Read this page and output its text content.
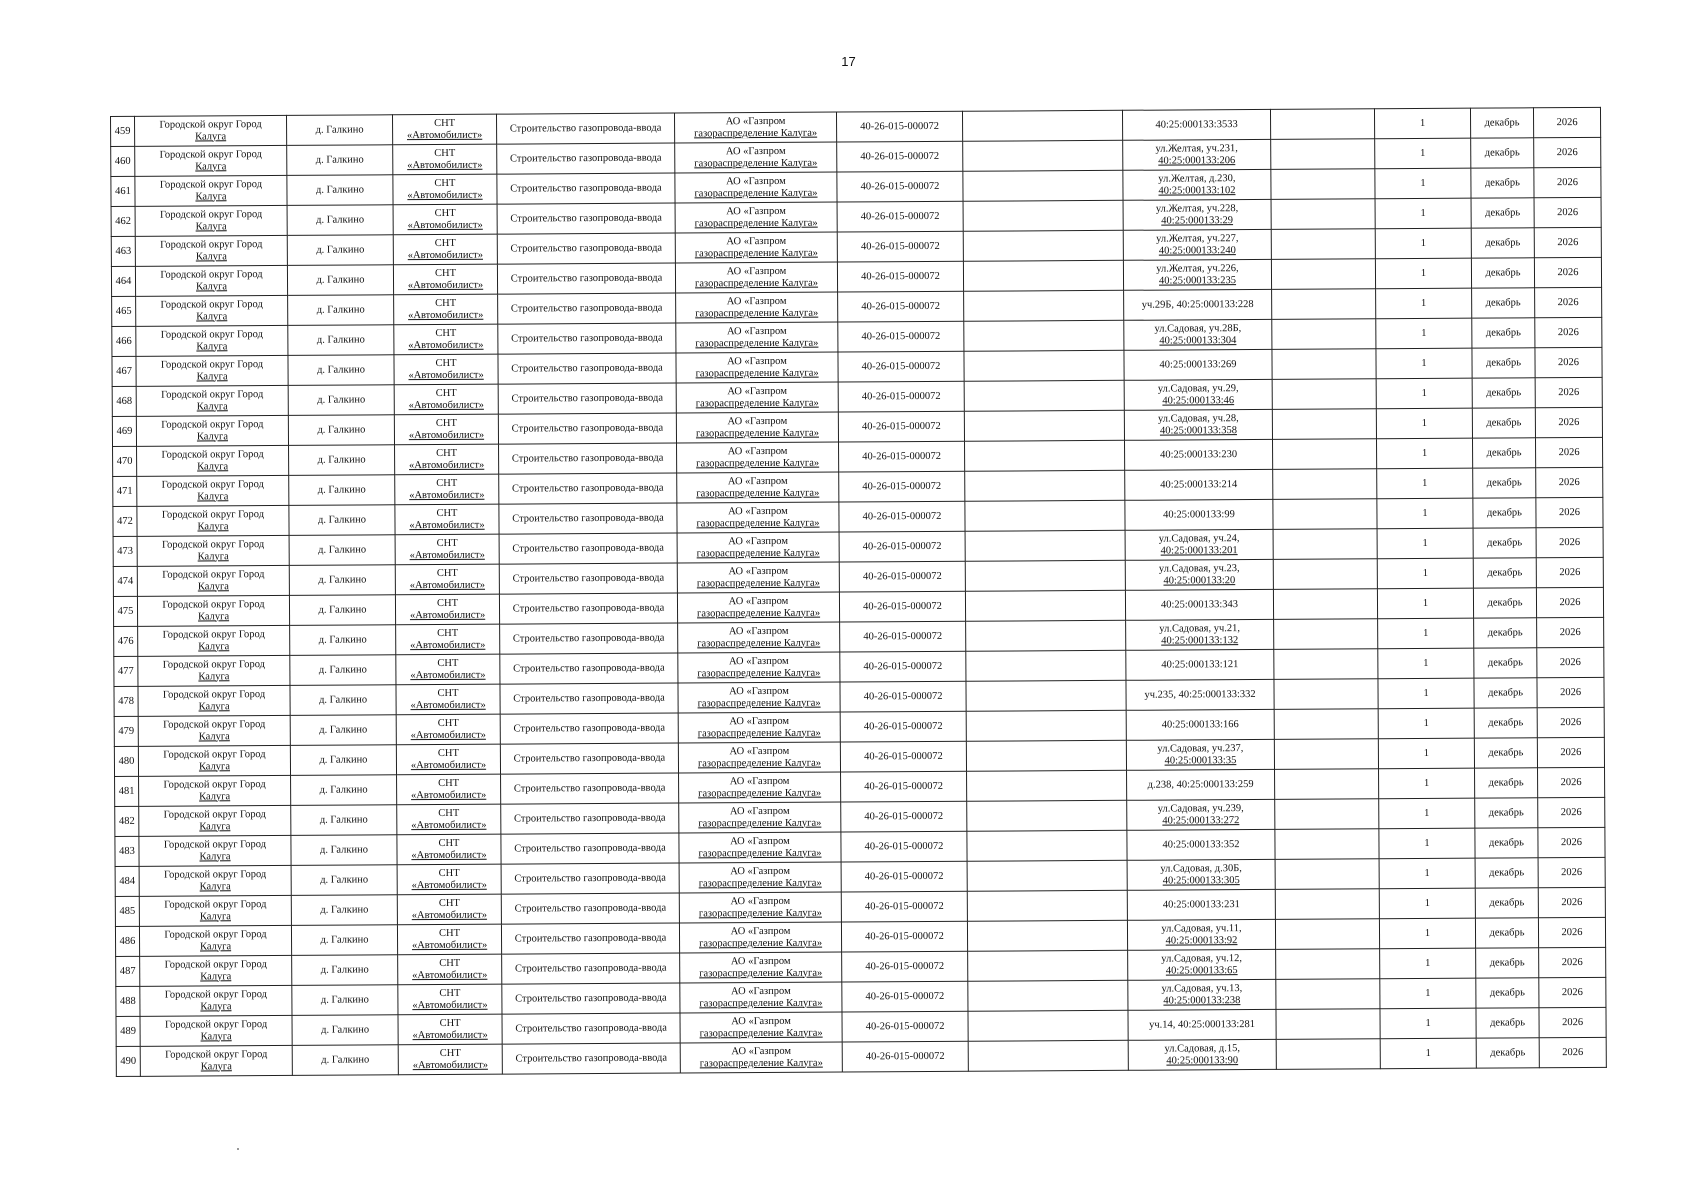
17
459	Городской округ Город
Калуга	д. Галкино	СНТ
«Автомобилист»	Строительство газопровода-ввода	АО «Газпром
газораспределение Калуга»	40-26-015-000072		40:25:000133:3533		1	декабрь	2026
460	Городской округ Город
Калуга	д. Галкино	СНТ
«Автомобилист»	Строительство газопровода-ввода	АО «Газпром
газораспределение Калуга»	40-26-015-000072		ул.Желтая, уч.231,
40:25:000133:206		1	декабрь	2026
461	Городской округ Город
Калуга	д. Галкино	СНТ
«Автомобилист»	Строительство газопровода-ввода	АО «Газпром
газораспределение Калуга»	40-26-015-000072		ул.Желтая, д.230,
40:25:000133:102		1	декабрь	2026
462	Городской округ Город
Калуга	д. Галкино	СНТ
«Автомобилист»	Строительство газопровода-ввода	АО «Газпром
газораспределение Калуга»	40-26-015-000072		ул.Желтая, уч.228,
40:25:000133:29		1	декабрь	2026
463	Городской округ Город
Калуга	д. Галкино	СНТ
«Автомобилист»	Строительство газопровода-ввода	АО «Газпром
газораспределение Калуга»	40-26-015-000072		ул.Желтая, уч.227,
40:25:000133:240		1	декабрь	2026
464	Городской округ Город
Калуга	д. Галкино	СНТ
«Автомобилист»	Строительство газопровода-ввода	АО «Газпром
газораспределение Калуга»	40-26-015-000072		ул.Желтая, уч.226,
40:25:000133:235		1	декабрь	2026
465	Городской округ Город
Калуга	д. Галкино	СНТ
«Автомобилист»	Строительство газопровода-ввода	АО «Газпром
газораспределение Калуга»	40-26-015-000072		уч.29Б, 40:25:000133:228		1	декабрь	2026
466	Городской округ Город
Калуга	д. Галкино	СНТ
«Автомобилист»	Строительство газопровода-ввода	АО «Газпром
газораспределение Калуга»	40-26-015-000072		ул.Садовая, уч.28Б,
40:25:000133:304		1	декабрь	2026
467	Городской округ Город
Калуга	д. Галкино	СНТ
«Автомобилист»	Строительство газопровода-ввода	АО «Газпром
газораспределение Калуга»	40-26-015-000072		40:25:000133:269		1	декабрь	2026
468	Городской округ Город
Калуга	д. Галкино	СНТ
«Автомобилист»	Строительство газопровода-ввода	АО «Газпром
газораспределение Калуга»	40-26-015-000072		ул.Садовая, уч.29,
40:25:000133:46		1	декабрь	2026
469	Городской округ Город
Калуга	д. Галкино	СНТ
«Автомобилист»	Строительство газопровода-ввода	АО «Газпром
газораспределение Калуга»	40-26-015-000072		ул.Садовая, уч.28,
40:25:000133:358		1	декабрь	2026
470	Городской округ Город
Калуга	д. Галкино	СНТ
«Автомобилист»	Строительство газопровода-ввода	АО «Газпром
газораспределение Калуга»	40-26-015-000072		40:25:000133:230		1	декабрь	2026
471	Городской округ Город
Калуга	д. Галкино	СНТ
«Автомобилист»	Строительство газопровода-ввода	АО «Газпром
газораспределение Калуга»	40-26-015-000072		40:25:000133:214		1	декабрь	2026
472	Городской округ Город
Калуга	д. Галкино	СНТ
«Автомобилист»	Строительство газопровода-ввода	АО «Газпром
газораспределение Калуга»	40-26-015-000072		40:25:000133:99		1	декабрь	2026
473	Городской округ Город
Калуга	д. Галкино	СНТ
«Автомобилист»	Строительство газопровода-ввода	АО «Газпром
газораспределение Калуга»	40-26-015-000072		ул.Садовая, уч.24,
40:25:000133:201		1	декабрь	2026
474	Городской округ Город
Калуга	д. Галкино	СНТ
«Автомобилист»	Строительство газопровода-ввода	АО «Газпром
газораспределение Калуга»	40-26-015-000072		ул.Садовая, уч.23,
40:25:000133:20		1	декабрь	2026
475	Городской округ Город
Калуга	д. Галкино	СНТ
«Автомобилист»	Строительство газопровода-ввода	АО «Газпром
газораспределение Калуга»	40-26-015-000072		40:25:000133:343		1	декабрь	2026
476	Городской округ Город
Калуга	д. Галкино	СНТ
«Автомобилист»	Строительство газопровода-ввода	АО «Газпром
газораспределение Калуга»	40-26-015-000072		ул.Садовая, уч.21,
40:25:000133:132		1	декабрь	2026
477	Городской округ Город
Калуга	д. Галкино	СНТ
«Автомобилист»	Строительство газопровода-ввода	АО «Газпром
газораспределение Калуга»	40-26-015-000072		40:25:000133:121		1	декабрь	2026
478	Городской округ Город
Калуга	д. Галкино	СНТ
«Автомобилист»	Строительство газопровода-ввода	АО «Газпром
газораспределение Калуга»	40-26-015-000072		уч.235, 40:25:000133:332		1	декабрь	2026
479	Городской округ Город
Калуга	д. Галкино	СНТ
«Автомобилист»	Строительство газопровода-ввода	АО «Газпром
газораспределение Калуга»	40-26-015-000072		40:25:000133:166		1	декабрь	2026
480	Городской округ Город
Калуга	д. Галкино	СНТ
«Автомобилист»	Строительство газопровода-ввода	АО «Газпром
газораспределение Калуга»	40-26-015-000072		ул.Садовая, уч.237,
40:25:000133:35		1	декабрь	2026
481	Городской округ Город
Калуга	д. Галкино	СНТ
«Автомобилист»	Строительство газопровода-ввода	АО «Газпром
газораспределение Калуга»	40-26-015-000072		д.238, 40:25:000133:259		1	декабрь	2026
482	Городской округ Город
Калуга	д. Галкино	СНТ
«Автомобилист»	Строительство газопровода-ввода	АО «Газпром
газораспределение Калуга»	40-26-015-000072		ул.Садовая, уч.239,
40:25:000133:272		1	декабрь	2026
483	Городской округ Город
Калуга	д. Галкино	СНТ
«Автомобилист»	Строительство газопровода-ввода	АО «Газпром
газораспределение Калуга»	40-26-015-000072		40:25:000133:352		1	декабрь	2026
484	Городской округ Город
Калуга	д. Галкино	СНТ
«Автомобилист»	Строительство газопровода-ввода	АО «Газпром
газораспределение Калуга»	40-26-015-000072		ул.Садовая, д.30Б,
40:25:000133:305		1	декабрь	2026
485	Городской округ Город
Калуга	д. Галкино	СНТ
«Автомобилист»	Строительство газопровода-ввода	АО «Газпром
газораспределение Калуга»	40-26-015-000072		40:25:000133:231		1	декабрь	2026
486	Городской округ Город
Калуга	д. Галкино	СНТ
«Автомобилист»	Строительство газопровода-ввода	АО «Газпром
газораспределение Калуга»	40-26-015-000072		ул.Садовая, уч.11,
40:25:000133:92		1	декабрь	2026
487	Городской округ Город
Калуга	д. Галкино	СНТ
«Автомобилист»	Строительство газопровода-ввода	АО «Газпром
газораспределение Калуга»	40-26-015-000072		ул.Садовая, уч.12,
40:25:000133:65		1	декабрь	2026
488	Городской округ Город
Калуга	д. Галкино	СНТ
«Автомобилист»	Строительство газопровода-ввода	АО «Газпром
газораспределение Калуга»	40-26-015-000072		ул.Садовая, уч.13,
40:25:000133:238		1	декабрь	2026
489	Городской округ Город
Калуга	д. Галкино	СНТ
«Автомобилист»	Строительство газопровода-ввода	АО «Газпром
газораспределение Калуга»	40-26-015-000072		уч.14, 40:25:000133:281		1	декабрь	2026
490	Городской округ Город
Калуга	д. Галкино	СНТ
«Автомобилист»	Строительство газопровода-ввода	АО «Газпром
газораспределение Калуга»	40-26-015-000072		ул.Садовая, д.15,
40:25:000133:90		1	декабрь	2026
